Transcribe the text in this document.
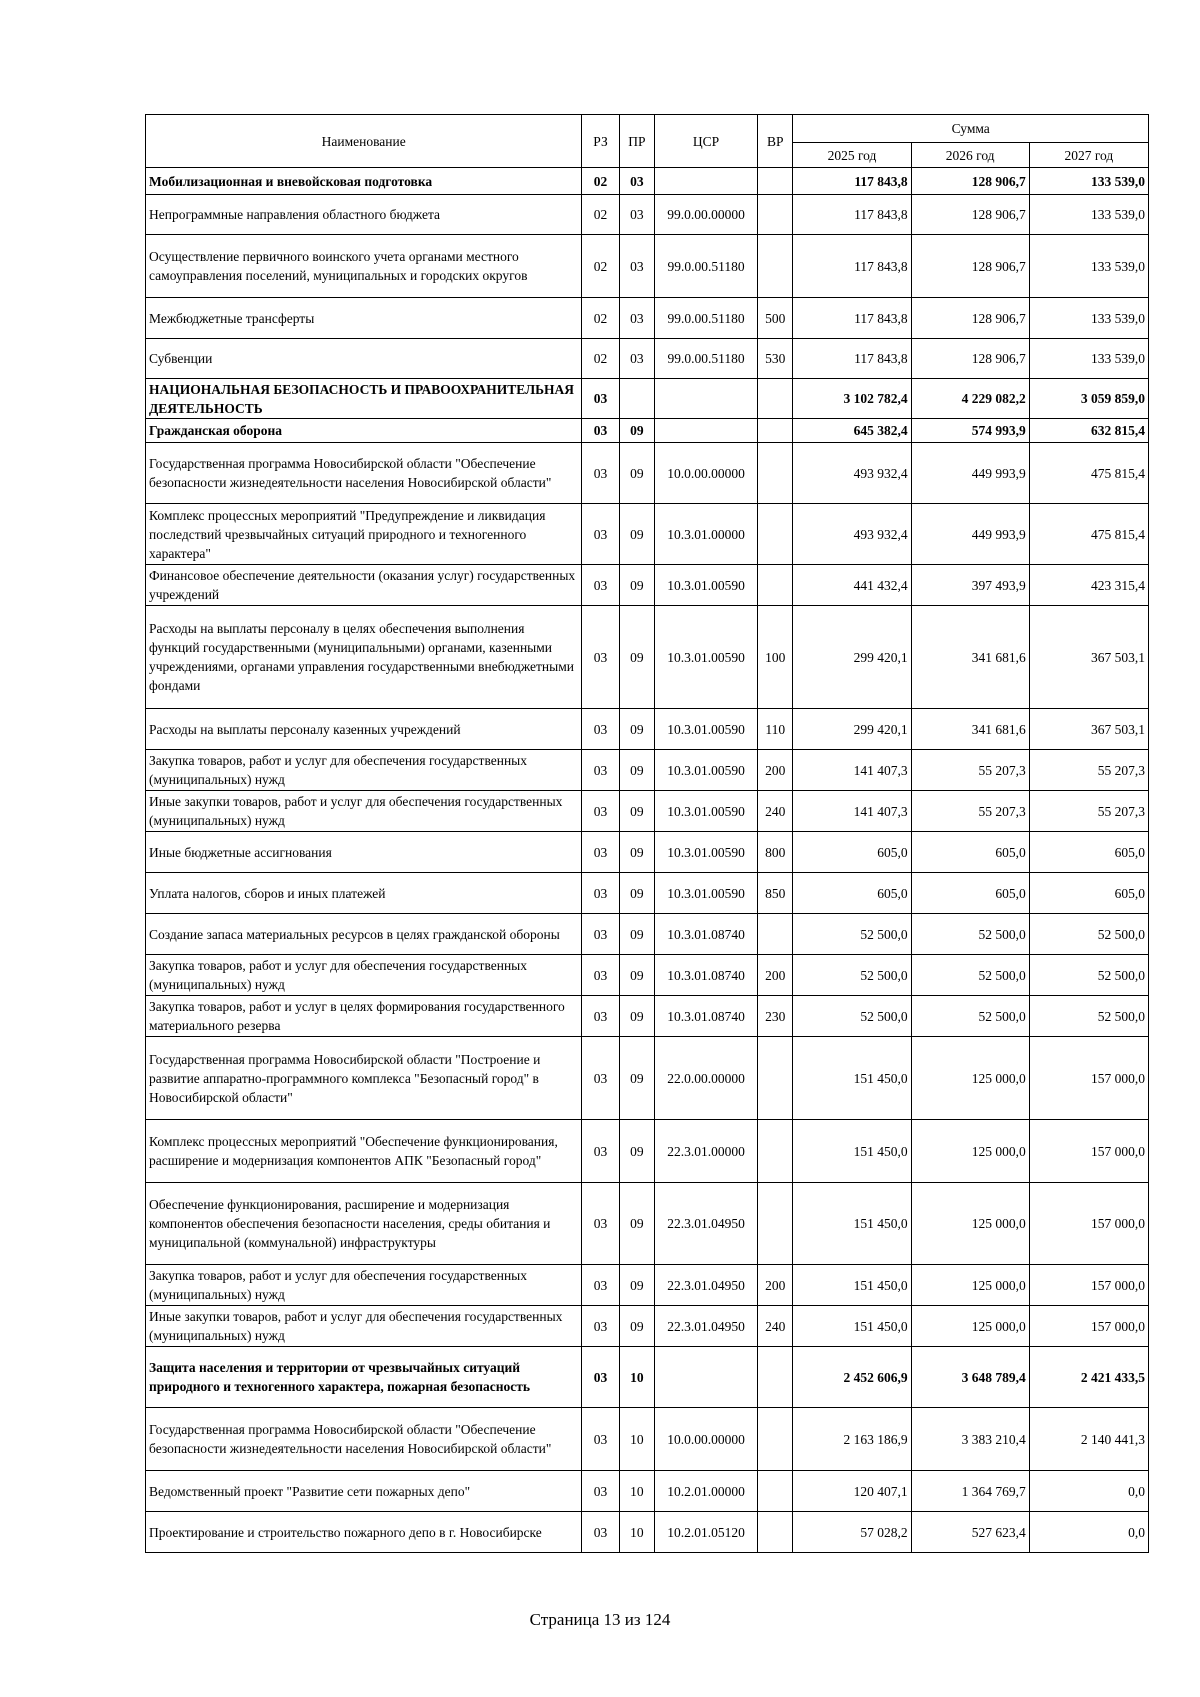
Наименование	РЗ	ПР	ЦСР	ВР	Сумма		
					2025 год	2026 год	2027 год
Мобилизационная и вневойсковая подготовка	02	03			117 843,8	128 906,7	133 539,0
Непрограммные направления областного бюджета	02	03	99.0.00.00000		117 843,8	128 906,7	133 539,0
Осуществление первичного воинского учета органами местного самоуправления поселений, муниципальных и городских округов	02	03	99.0.00.51180		117 843,8	128 906,7	133 539,0
Межбюджетные трансферты	02	03	99.0.00.51180	500	117 843,8	128 906,7	133 539,0
Субвенции	02	03	99.0.00.51180	530	117 843,8	128 906,7	133 539,0
НАЦИОНАЛЬНАЯ БЕЗОПАСНОСТЬ И ПРАВООХРАНИТЕЛЬНАЯ ДЕЯТЕЛЬНОСТЬ	03				3 102 782,4	4 229 082,2	3 059 859,0
Гражданская оборона	03	09			645 382,4	574 993,9	632 815,4
Государственная программа Новосибирской области "Обеспечение безопасности жизнедеятельности населения Новосибирской области"	03	09	10.0.00.00000		493 932,4	449 993,9	475 815,4
Комплекс процессных мероприятий "Предупреждение и ликвидация последствий чрезвычайных ситуаций природного и техногенного характера"	03	09	10.3.01.00000		493 932,4	449 993,9	475 815,4
Финансовое обеспечение деятельности (оказания услуг) государственных учреждений	03	09	10.3.01.00590		441 432,4	397 493,9	423 315,4
Расходы на выплаты персоналу в целях обеспечения выполнения функций государственными (муниципальными) органами, казенными учреждениями, органами управления государственными внебюджетными фондами	03	09	10.3.01.00590	100	299 420,1	341 681,6	367 503,1
Расходы на выплаты персоналу казенных учреждений	03	09	10.3.01.00590	110	299 420,1	341 681,6	367 503,1
Закупка товаров, работ и услуг для обеспечения государственных (муниципальных) нужд	03	09	10.3.01.00590	200	141 407,3	55 207,3	55 207,3
Иные закупки товаров, работ и услуг для обеспечения государственных (муниципальных) нужд	03	09	10.3.01.00590	240	141 407,3	55 207,3	55 207,3
Иные бюджетные ассигнования	03	09	10.3.01.00590	800	605,0	605,0	605,0
Уплата налогов, сборов и иных платежей	03	09	10.3.01.00590	850	605,0	605,0	605,0
Создание запаса материальных ресурсов в целях гражданской обороны	03	09	10.3.01.08740		52 500,0	52 500,0	52 500,0
Закупка товаров, работ и услуг для обеспечения государственных (муниципальных) нужд	03	09	10.3.01.08740	200	52 500,0	52 500,0	52 500,0
Закупка товаров, работ и услуг в целях формирования государственного материального резерва	03	09	10.3.01.08740	230	52 500,0	52 500,0	52 500,0
Государственная программа Новосибирской области "Построение и развитие аппаратно-программного комплекса "Безопасный город" в Новосибирской области"	03	09	22.0.00.00000		151 450,0	125 000,0	157 000,0
Комплекс процессных мероприятий "Обеспечение функционирования, расширение и модернизация компонентов АПК "Безопасный город"	03	09	22.3.01.00000		151 450,0	125 000,0	157 000,0
Обеспечение функционирования, расширение и модернизация компонентов обеспечения безопасности населения, среды обитания и муниципальной (коммунальной) инфраструктуры	03	09	22.3.01.04950		151 450,0	125 000,0	157 000,0
Закупка товаров, работ и услуг для обеспечения государственных (муниципальных) нужд	03	09	22.3.01.04950	200	151 450,0	125 000,0	157 000,0
Иные закупки товаров, работ и услуг для обеспечения государственных (муниципальных) нужд	03	09	22.3.01.04950	240	151 450,0	125 000,0	157 000,0
Защита населения и территории от чрезвычайных ситуаций природного и техногенного характера, пожарная безопасность	03	10			2 452 606,9	3 648 789,4	2 421 433,5
Государственная программа Новосибирской области "Обеспечение безопасности жизнедеятельности населения Новосибирской области"	03	10	10.0.00.00000		2 163 186,9	3 383 210,4	2 140 441,3
Ведомственный проект "Развитие сети пожарных депо"	03	10	10.2.01.00000		120 407,1	1 364 769,7	0,0
Проектирование и строительство пожарного депо в г. Новосибирске	03	10	10.2.01.05120		57 028,2	527 623,4	0,0
Страница 13 из 124
